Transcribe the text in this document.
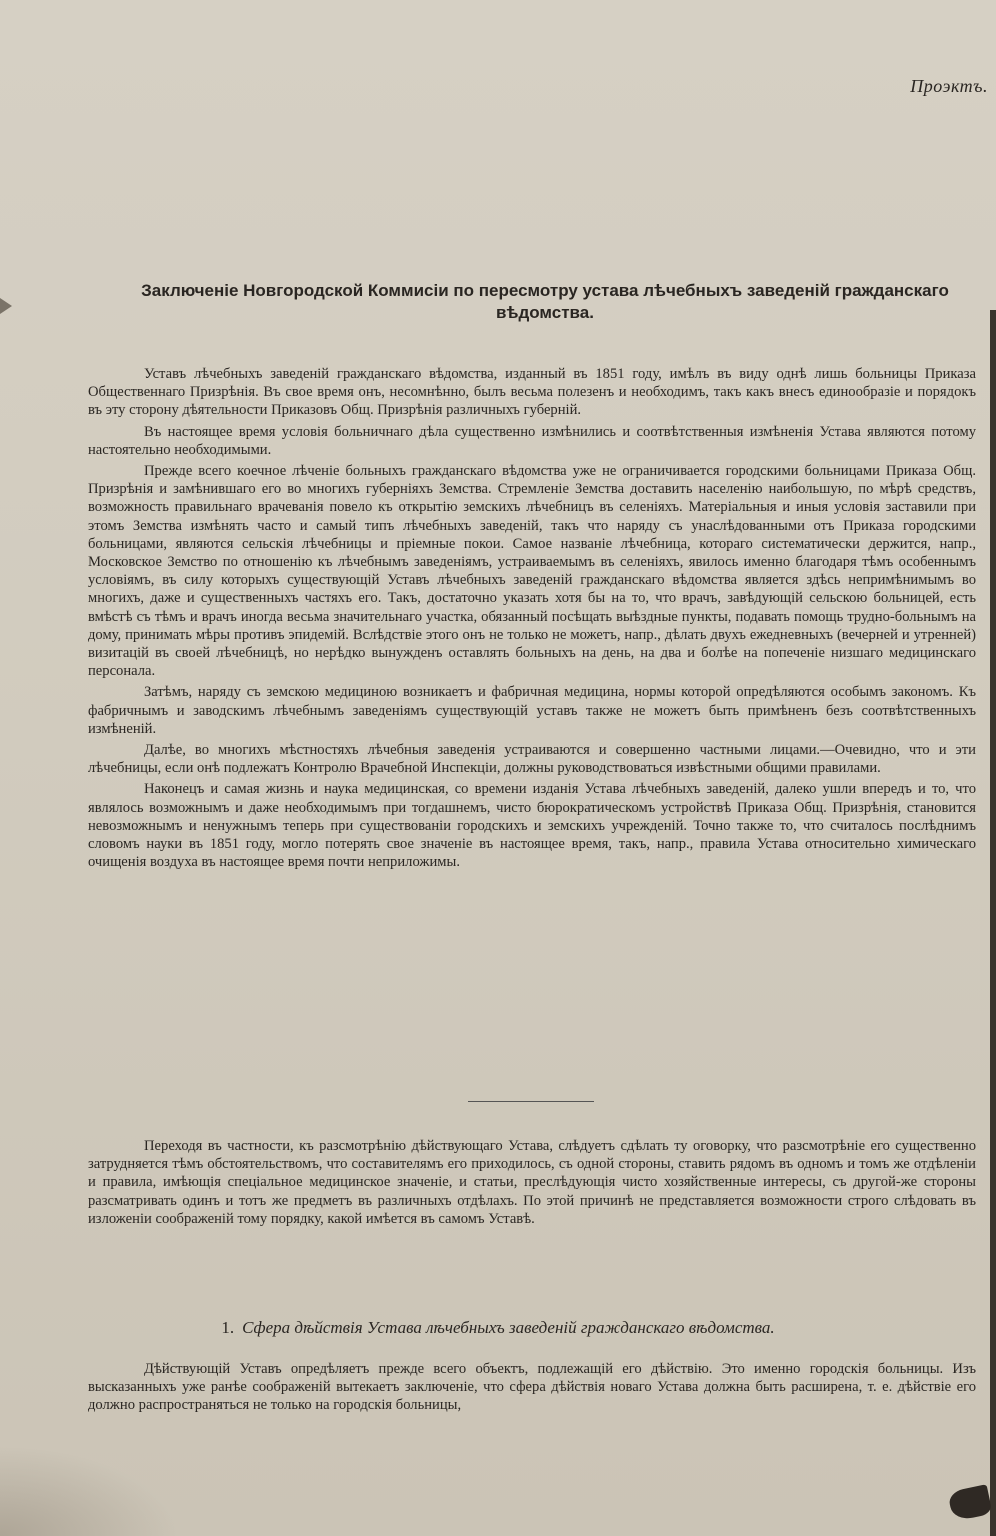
Проэктъ.
Заключенiе Новгородской Коммисiи по пересмотру устава лѣчебныхъ заведенiй гражданскаго вѣдомства.

Уставъ лѣчебныхъ заведенiй гражданскаго вѣдомства, изданный въ 1851 году, имѣлъ въ виду однѣ лишь больницы Приказа Общественнаго Призрѣнiя. Въ свое время онъ, несомнѣнно, былъ весьма полезенъ и необходимъ, такъ какъ внесъ единообразiе и порядокъ въ эту сторону дѣятельности Приказовъ Общ. Призрѣнiя различныхъ губернiй.

Въ настоящее время условiя больничнаго дѣла существенно измѣнились и соотвѣтственныя измѣненiя Устава являются потому настоятельно необходимыми.

Прежде всего коечное лѣченiе больныхъ гражданскаго вѣдомства уже не ограничивается городскими больницами Приказа Общ. Призрѣнiя и замѣнившаго его во многихъ губернiяхъ Земства. Стремленiе Земства доставить населенiю наибольшую, по мѣрѣ средствъ, возможность правильнаго врачеванiя повело къ открытiю земскихъ лѣчебницъ въ селенiяхъ. Матерiальныя и иныя условiя заставили при этомъ Земства измѣнять часто и самый типъ лѣчебныхъ заведенiй, такъ что наряду съ унаслѣдованными отъ Приказа городскими больницами, являются сельскiя лѣчебницы и прiемные покои. Самое названiе лѣчебница, котораго систематически держится, напр., Московское Земство по отношенiю къ лѣчебнымъ заведенiямъ, устраиваемымъ въ селенiяхъ, явилось именно благодаря тѣмъ особеннымъ условiямъ, въ силу которыхъ существующiй Уставъ лѣчебныхъ заведенiй гражданскаго вѣдомства является здѣсь непримѣнимымъ во многихъ, даже и существенныхъ частяхъ его. Такъ, достаточно указать хотя бы на то, что врачъ, завѣдующiй сельскою больницей, есть вмѣстѣ съ тѣмъ и врачъ иногда весьма значительнаго участка, обязанный посѣщать выѣздные пункты, подавать помощь трудно-больнымъ на дому, принимать мѣры противъ эпидемiй. Вслѣдствiе этого онъ не только не можетъ, напр., дѣлать двухъ ежедневныхъ (вечерней и утренней) визитацiй въ своей лѣчебницѣ, но нерѣдко вынужденъ оставлять больныхъ на день, на два и болѣе на попеченiе низшаго медицинскаго персонала.

Затѣмъ, наряду съ земскою медициною возникаетъ и фабричная медицина, нормы которой опредѣляются особымъ закономъ. Къ фабричнымъ и заводскимъ лѣчебнымъ заведенiямъ существующiй уставъ также не можетъ быть примѣненъ безъ соотвѣтственныхъ измѣненiй.

Далѣе, во многихъ мѣстностяхъ лѣчебныя заведенiя устраиваются и совершенно частными лицами.—Очевидно, что и эти лѣчебницы, если онѣ подлежатъ Контролю Врачебной Инспекцiи, должны руководствоваться извѣстными общими правилами.

Наконецъ и самая жизнь и наука медицинская, со времени изданiя Устава лѣчебныхъ заведенiй, далеко ушли впередъ и то, что являлось возможнымъ и даже необходимымъ при тогдашнемъ, чисто бюрократическомъ устройствѣ Приказа Общ. Призрѣнiя, становится невозможнымъ и ненужнымъ теперь при существованiи городскихъ и земскихъ учрежденiй. Точно также то, что считалось послѣднимъ словомъ науки въ 1851 году, могло потерять свое значенiе въ настоящее время, такъ, напр., правила Устава относительно химическаго очищенiя воздуха въ настоящее время почти неприложимы.

Переходя въ частности, къ разсмотрѣнiю дѣйствующаго Устава, слѣдуетъ сдѣлать ту оговорку, что разсмотрѣнiе его существенно затрудняется тѣмъ обстоятельствомъ, что составителямъ его приходилось, съ одной стороны, ставить рядомъ въ одномъ и томъ же отдѣленiи и правила, имѣющiя спецiальное медицинское значенiе, и статьи, преслѣдующiя чисто хозяйственные интересы, съ другой-же стороны разсматривать одинъ и тотъ же предметъ въ различныхъ отдѣлахъ. По этой причинѣ не представляется возможности строго слѣдовать въ изложенiи соображенiй тому порядку, какой имѣется въ самомъ Уставѣ.

1. Сфера дѣйствiя Устава лѣчебныхъ заведенiй гражданскаго вѣдомства.

Дѣйствующiй Уставъ опредѣляетъ прежде всего объектъ, подлежащiй его дѣйствiю. Это именно городскiя больницы. Изъ высказанныхъ уже ранѣе соображенiй вытекаетъ заключенiе, что сфера дѣйствiя новаго Устава должна быть расширена, т. е. дѣйствiе его должно распространяться не только на городскiя больницы,
